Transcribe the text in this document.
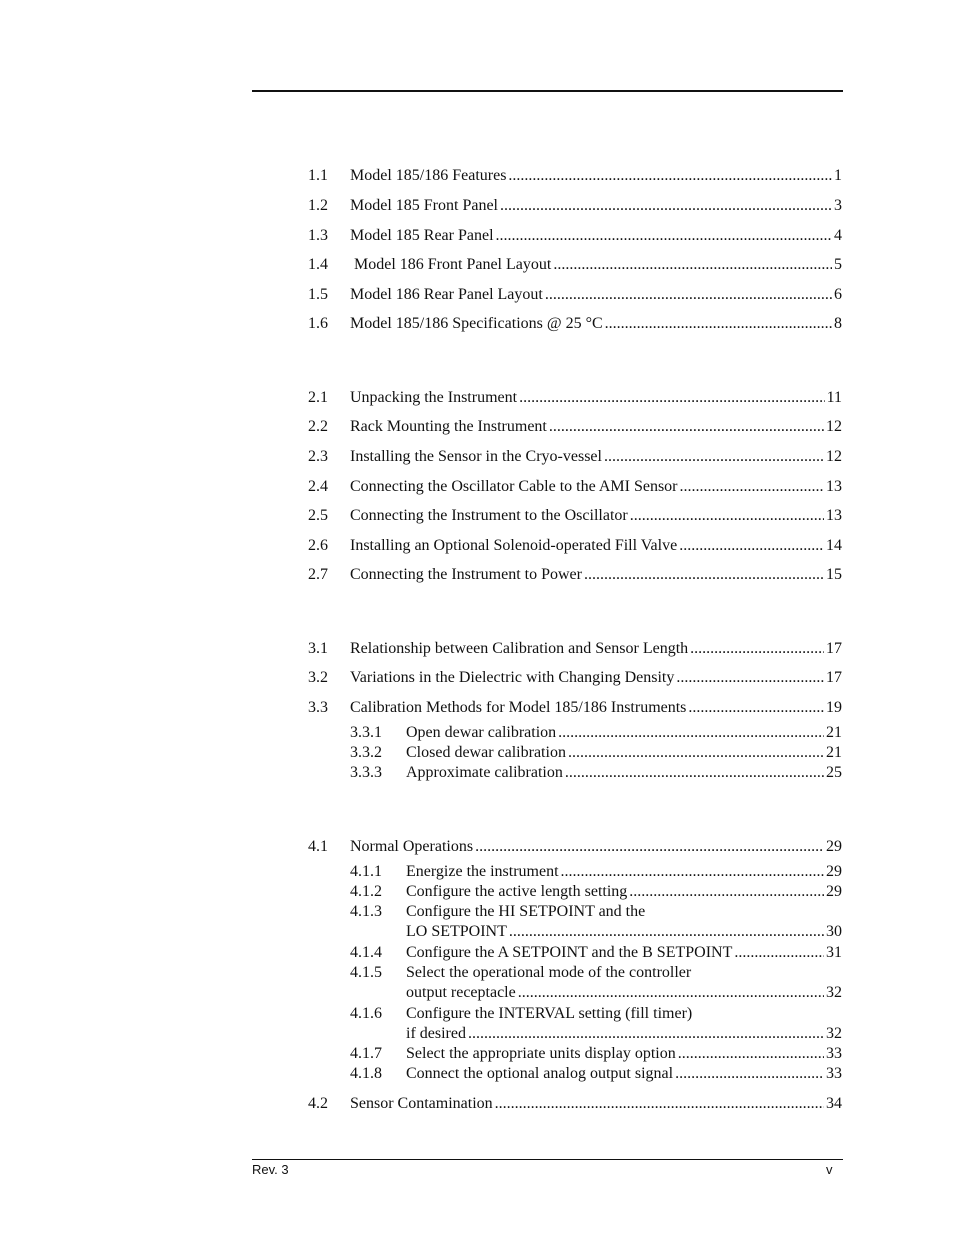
1.1	Model 185/186 Features .....	1
1.2	Model 185 Front Panel .....	3
1.3	Model 185 Rear Panel .....	4
1.4	Model 186 Front Panel Layout .....	5
1.5	Model 186 Rear Panel Layout .....	6
1.6	Model 185/186 Specifications @ 25 °C .....	8
2.1	Unpacking the Instrument .....	11
2.2	Rack Mounting the Instrument .....	12
2.3	Installing the Sensor in the Cryo-vessel .....	12
2.4	Connecting the Oscillator Cable to the AMI Sensor .....	13
2.5	Connecting the Instrument to the Oscillator .....	13
2.6	Installing an Optional Solenoid-operated Fill Valve .....	14
2.7	Connecting the Instrument to Power .....	15
3.1	Relationship between Calibration and Sensor Length .....	17
3.2	Variations in the Dielectric with Changing Density .....	17
3.3	Calibration Methods for Model 185/186 Instruments .....	19
3.3.1	Open dewar calibration .....	21
3.3.2	Closed dewar calibration .....	21
3.3.3	Approximate calibration .....	25
4.1	Normal Operations .....	29
4.1.1	Energize the instrument .....	29
4.1.2	Configure the active length setting .....	29
4.1.3	Configure the HI SETPOINT and the
LO SETPOINT .....	30
4.1.4	Configure the A SETPOINT and the B SETPOINT .....	31
4.1.5	Select the operational mode of the controller
output receptacle .....	32
4.1.6	Configure the INTERVAL setting (fill timer)
if desired .....	32
4.1.7	Select the appropriate units display option .....	33
4.1.8	Connect the optional analog output signal .....	33
4.2	Sensor Contamination .....	34
Rev. 3	v
